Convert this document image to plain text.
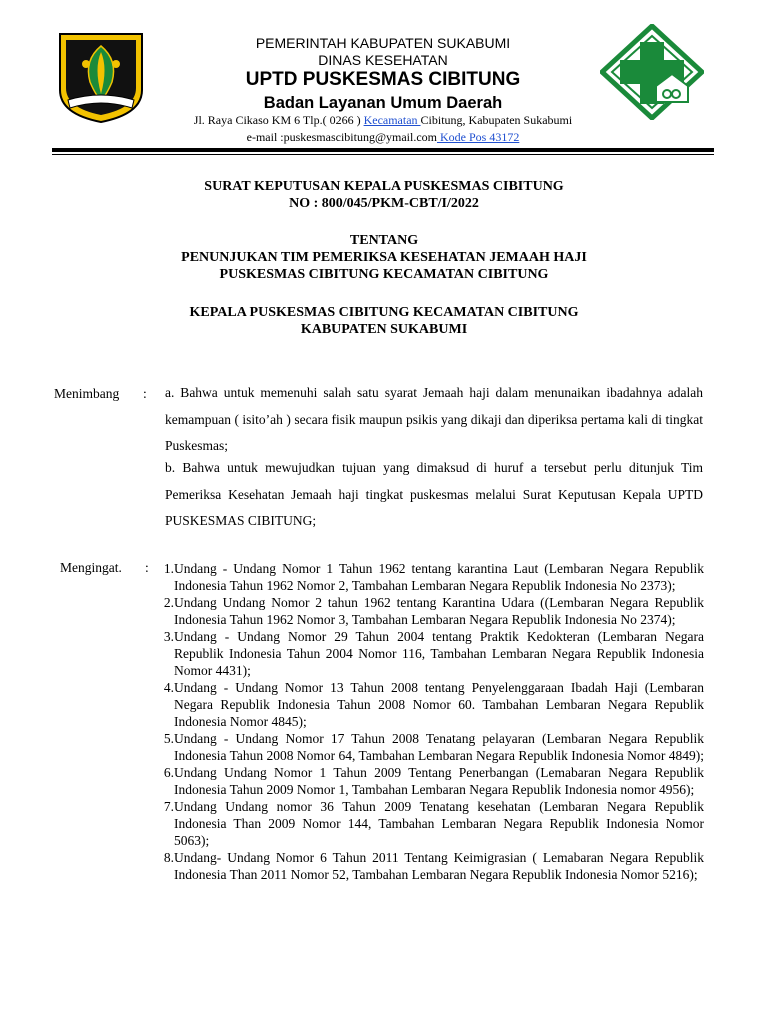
PEMERINTAH KABUPATEN SUKABUMI
DINAS KESEHATAN
UPTD PUSKESMAS CIBITUNG
Badan Layanan Umum Daerah
Jl. Raya Cikaso KM 6 Tlp.( 0266 ) Kecamatan Cibitung, Kabupaten Sukabumi
e-mail :puskesmascibitung@ymail.com Kode Pos 43172
SURAT KEPUTUSAN KEPALA PUSKESMAS CIBITUNG
NO : 800/045/PKM-CBT/I/2022
TENTANG
PENUNJUKAN TIM PEMERIKSA KESEHATAN JEMAAH HAJI
PUSKESMAS CIBITUNG KECAMATAN CIBITUNG
KEPALA PUSKESMAS CIBITUNG KECAMATAN CIBITUNG
KABUPATEN SUKABUMI
Menimbang : a. Bahwa untuk memenuhi salah satu syarat Jemaah haji dalam menunaikan ibadahnya adalah kemampuan ( isito’ah ) secara fisik maupun psikis yang dikaji dan diperiksa pertama kali di tingkat Puskesmas;
b. Bahwa untuk mewujudkan tujuan yang dimaksud di huruf a tersebut perlu ditunjuk Tim Pemeriksa Kesehatan Jemaah haji tingkat puskesmas melalui Surat Keputusan Kepala UPTD PUSKESMAS CIBITUNG;
Mengingat. :	1. Undang - Undang Nomor 1 Tahun 1962 tentang karantina Laut (Lembaran Negara Republik Indonesia Tahun 1962 Nomor 2, Tambahan Lembaran Negara Republik Indonesia No 2373);
2. Undang Undang Nomor 2 tahun 1962 tentang Karantina Udara ((Lembaran Negara Republik Indonesia Tahun 1962 Nomor 3, Tambahan Lembaran Negara Republik Indonesia No 2374);
3. Undang - Undang Nomor 29 Tahun 2004 tentang Praktik Kedokteran (Lembaran Negara Republik Indonesia Tahun 2004 Nomor 116, Tambahan Lembaran Negara Republik Indonesia Nomor 4431);
4. Undang - Undang Nomor 13 Tahun 2008 tentang Penyelenggaraan Ibadah Haji (Lembaran Negara Republik Indonesia Tahun 2008 Nomor 60. Tambahan Lembaran Negara Republik Indonesia Nomor 4845);
5. Undang - Undang Nomor 17 Tahun 2008 Tenatang pelayaran (Lembaran Negara Republik Indonesia Tahun 2008 Nomor 64, Tambahan Lembaran Negara Republik Indonesia Nomor 4849);
6. Undang Undang Nomor 1 Tahun 2009 Tentang Penerbangan (Lemabaran Negara Republik Indonesia Tahun 2009 Nomor 1, Tambahan Lembaran Negara Republik Indonesia nomor 4956);
7. Undang Undang nomor 36 Tahun 2009 Tenatang kesehatan (Lembaran Negara Republik Indonesia Than 2009 Nomor 144, Tambahan Lembaran Negara Republik Indonesia Nomor 5063);
8. Undang- Undang Nomor 6 Tahun 2011 Tentang Keimigrasian ( Lemabaran Negara Republik Indonesia Than 2011 Nomor 52, Tambahan Lembaran Negara Republik Indonesia Nomor 5216);
